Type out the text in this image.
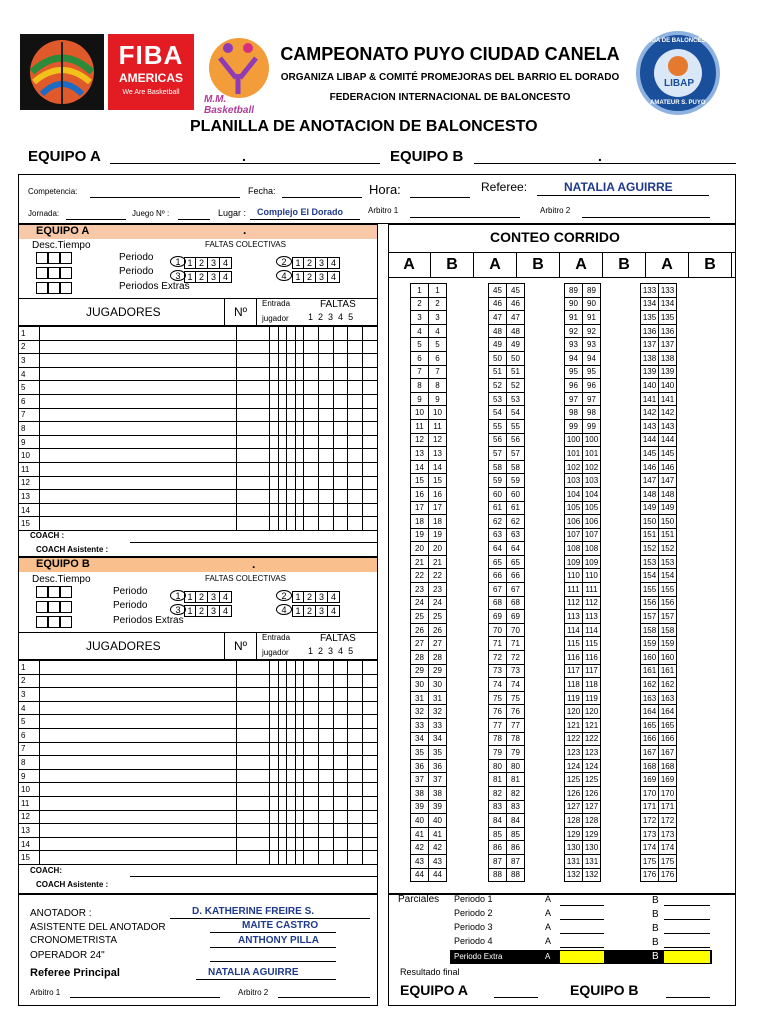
FIBA
AMERICAS
We Are Basketball
M.M. Basketball
LIGA DE BALONCESTO
LIBAP
AMATEUR S. PUYO
CAMPEONATO PUYO CIUDAD CANELA
ORGANIZA LIBAP & COMITÉ PROMEJORAS DEL BARRIO EL DORADO
FEDERACION INTERNACIONAL DE BALONCESTO
PLANILLA DE ANOTACION DE BALONCESTO
EQUIPO A	.	EQUIPO B	.
Competencia:	Fecha:	Hora:	Referee:	NATALIA AGUIRRE
Jornada:	Juego Nº :	Lugar : Complejo El Dorado	Arbitro 1	Arbitro 2
EQUIPO A	.
Desc.Tiempo	FALTAS COLECTIVAS
Periodo
Periodo
1 1 2 3 4	2 1 2 3 4
3 1 2 3 4	4 1 2 3 4
Periodos Extras
JUGADORES	Nº
Entrada
jugador
FALTAS
1 2 3 4 5
1											
2											
3											
4											
5											
6											
7											
8											
9											
10											
11											
12											
13											
14											
15											
COACH :
COACH Asistente :
EQUIPO B	.
Desc.Tiempo	FALTAS COLECTIVAS
Periodo
Periodo
1 1 2 3 4	2 1 2 3 4
3 1 2 3 4	4 1 2 3 4
Periodos Extras
JUGADORES	Nº
Entrada
jugador
FALTAS
1 2 3 4 5
1											
2											
3											
4											
5											
6											
7											
8											
9											
10											
11											
12											
13											
14											
15											
COACH:
COACH Asistente :
CONTEO CORRIDO
A	B	A	B	A	B	A	B
1	1		45	45		89	89		133	133
2	2		46	46		90	90		134	134
3	3		47	47		91	91		135	135
4	4		48	48		92	92		136	136
5	5		49	49		93	93		137	137
6	6		50	50		94	94		138	138
7	7		51	51		95	95		139	139
8	8		52	52		96	96		140	140
9	9		53	53		97	97		141	141
10	10		54	54		98	98		142	142
11	11		55	55		99	99		143	143
12	12		56	56		100	100		144	144
13	13		57	57		101	101		145	145
14	14		58	58		102	102		146	146
15	15		59	59		103	103		147	147
16	16		60	60		104	104		148	148
17	17		61	61		105	105		149	149
18	18		62	62		106	106		150	150
19	19		63	63		107	107		151	151
20	20		64	64		108	108		152	152
21	21		65	65		109	109		153	153
22	22		66	66		110	110		154	154
23	23		67	67		111	111		155	155
24	24		68	68		112	112		156	156
25	25		69	69		113	113		157	157
26	26		70	70		114	114		158	158
27	27		71	71		115	115		159	159
28	28		72	72		116	116		160	160
29	29		73	73		117	117		161	161
30	30		74	74		118	118		162	162
31	31		75	75		119	119		163	163
32	32		76	76		120	120		164	164
33	33		77	77		121	121		165	165
34	34		78	78		122	122		166	166
35	35		79	79		123	123		167	167
36	36		80	80		124	124		168	168
37	37		81	81		125	125		169	169
38	38		82	82		126	126		170	170
39	39		83	83		127	127		171	171
40	40		84	84		128	128		172	172
41	41		85	85		129	129		173	173
42	42		86	86		130	130		174	174
43	43		87	87		131	131		175	175
44	44		88	88		132	132		176	176
ANOTADOR :	D. KATHERINE FREIRE S.
ASISTENTE DEL ANOTADOR	MAITE CASTRO
CRONOMETRISTA	ANTHONY PILLA
OPERADOR 24"
Referee Principal	NATALIA AGUIRRE
Arbitro 1	Arbitro 2
Parciales Periodo 1	A	B
Periodo 2	A	B
Periodo 3	A	B
Periodo 4	A	B
Periodo Extra	A	B
Resultado final
EQUIPO A	EQUIPO B
